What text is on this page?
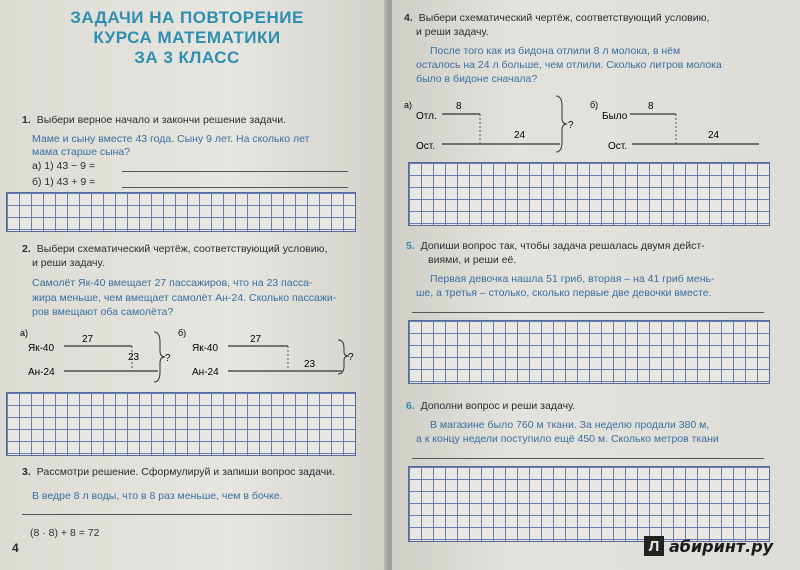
ЗАДАЧИ НА ПОВТОРЕНИЕ
КУРСА МАТЕМАТИКИ
ЗА 3 КЛАСС
1. Выбери верное начало и закончи решение задачи.
Маме и сыну вместе 43 года. Сыну 9 лет. На сколько лет
мама старше сына?
а) 1) 43 − 9 =
б) 1) 43 + 9 =
2. Выбери схематический чертёж, соответствующий условию,
и реши задачу.
Самолёт Як-40 вмещает 27 пассажиров, что на 23 пасса-
жира меньше, чем вмещает самолёт Ан-24. Сколько пассажи-
ров вмещают оба самолёта?
а)
Як-40
Ан-24
27
23	?
б)
Як-40
Ан-24
27
23
?
3. Рассмотри решение. Сформулируй и запиши вопрос задачи.
В ведре 8 л воды, что в 8 раз меньше, чем в бочке.
(8 · 8) + 8 = 72
4
4. Выбери схематический чертёж, соответствующий условию,
и реши задачу.
После того как из бидона отлили 8 л молока, в нём
осталось на 24 л больше, чем отлили. Сколько литров молока
было в бидоне сначала?
а)
Отл.
Ост.
8
24
?
б)
Было
Ост.
8
24
5. Допиши вопрос так, чтобы задача решалась двумя дейст-
виями, и реши её.
Первая девочка нашла 51 гриб, вторая – на 41 гриб мень-
ше, а третья – столько, сколько первые две девочки вместе.
6. Дополни вопрос и реши задачу.
В магазине было 760 м ткани. За неделю продали 380 м,
а к концу недели поступило ещё 450 м. Сколько метров ткани
Л абиринт.ру
